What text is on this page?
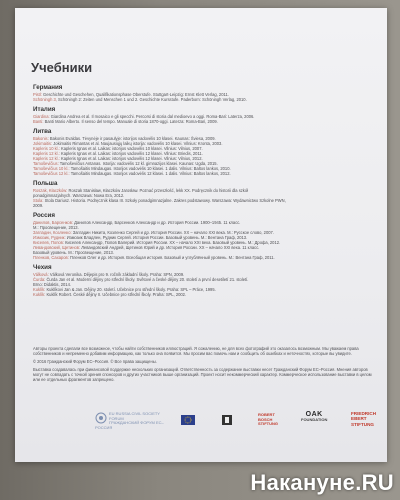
Учебники
Германия
Pistl: Geschichte und Geschehen, Qualifikationsphase Oberstufe. Stuttgart-Leipzig: Ernst Klett Verlag, 2011.
Schöningh 3, Schöningh 2: Zeiten und Menschen 1 und 2. Geschichte Kursstufe. Paderborn: Schöningh Verlag, 2010.
Италия
Giardina: Giardina Andrea et al. Il mosaico e gli specchi. Percorsi di storia dal medioevo a oggi. Roma-Bari: Laterza, 2006.
Banti: Banti Mario Alberto. Il senso del tempo. Manuale di storia 1870-oggi. Laterza: Roma-Bari, 2009.
Литва
Bakonis: Bakonis Evaldas. Tėvynėje ir pasaulyje: istorijos vadovėlis 10 klasei. Kaunas: Šviesa, 2009.
Jokimaitis: Jokimaitis Rimantas et al. Naujausiųjų laikų istorija: vadovėlis 10 klasei. Vilnius: Kronta, 2003.
Kapleris 10 kl.: Kapleris Ignas et al. Laikas: istorijos vadovėlis 10 klasei. Vilnius: Vilnius, 2007.
Kapleris 12 kl.: Kapleris Ignas et al. Laikas: istorijos vadovėlis 12 klasei. Vilnius: Briedis, 2011.
Kapleris 12 kl.: Kapleris Ignas et al. Laikas: istorijos vadovėlis 12 klasei. Vilnius: Vilnius, 2012.
Tamoševičius: Tamoševičius Antanas. Istorija: vadovėlis 12 kl. gimnazijos klasei. Kaunas: Ugda, 2015.
Tamoševičius 10 kl.: Tamošaitis Mindaugas. Istorijos vadovėlis 10 klasei. 1 dalis. Vilnius: Baltos lankos, 2010.
Tamoševičius 12 kl.: Tamošaitis Mindaugas. Istorijos vadovėlis 12 klasei. 1 dalis. Vilnius: Baltos lankos, 2012.
Польша
Roszak, Kłaczków: Roszak Stanisław, Kłaczków Jarosław. Poznać przeszłość, lekk XX. Podręcznik do historii dla szkół
ponadgimnazjalnych. Warszawa: Nowa Era, 2012.
Stola: Stola Dariusz. Historia. Podręcznik klasa III. Szkoły ponadgimnazjalne. Zakres podstawowy. Warszawa: Wydawnictwo Szkolne PWN,
2009.
Россия
Данилов, Барсенков: Данилов Александр, Барсенков Александр и др. История России. 1900–1945. 11 класс.
М.: Просвещение, 2013.
Загладин, Козленко: Загладин Никита, Козленко Сергей и др. История России. XX – начало XXI века. М.: Русское слово, 2007.
Измозик, Рудник: Измозик Владлен, Рудник Сергей. История России. Базовый уровень. М.: Вентана Граф, 2013.
Киселев, Попов: Киселев Александр, Попов Валерий. История России. XX – начало XXI века. Базовый уровень. М.: Дрофа, 2012.
Левандовский, Щетинов: Левандовский Андрей, Щетинов Юрий и др. История России. XX – начало XXI века. 11 класс.
Базовый уровень. М.: Просвещение, 2013.
Пленков, Сахаров: Пленков Олег и др. История. Всеобщая история. Базовый и углублённый уровень. М.: Вентана Граф, 2011.
Чехия
Válková: Válková Veronika. Dějepis pro 9. ročník základní školy. Praha: SPN, 2009.
Čurda: Čurda Jan et al. Moderní dějiny pro střední školy. Světové a české dějiny 20. století a první desetiletí 21. století.
Brno: Didaktis, 2014.
Kuklík: Kuklíkovi Jan & Jan. Dějiny 20. století. Učebnice pro střední školy. Praha: SPL – Práce, 1995.
Kuklík: Kuklík Robert. České dějiny II. Učebnice pro střední školy. Praha: SPL, 2002.

Авторы проекта сделали все возможное, чтобы найти собственников иллюстраций. Я сожалению, не для всех фотографий это оказалось возможным. Мы уважаем права собственников и непременно добавим информацию, как только она появится. Мы просим вас помочь нам и сообщить об ошибках и неточностях, которые вы увидите.

© 2016 Гражданский Форум ЕС–Россия. © Все права защищены.

Выставка создавалась при финансовой поддержке нескольких организаций. Ответственность за содержание выставки несет Гражданский Форум ЕС–Россия. Мнения авторов могут не совпадать с точкой зрения спонсоров и других участников выше организаций. Проект носит некоммерческий характер. Коммерческое использование выставки в целом или ее отдельных фрагментов запрещено.

EU RUSSIA CIVIL SOCIETY FORUM
ГРАЖДАНСКИЙ ФОРУМ ЕС–РОССИЯ
ROBERT
BOSCH
STIFTUNG
OAK
FOUNDATION
FRIEDRICH
EBERT
STIFTUNG
Накануне.RU
